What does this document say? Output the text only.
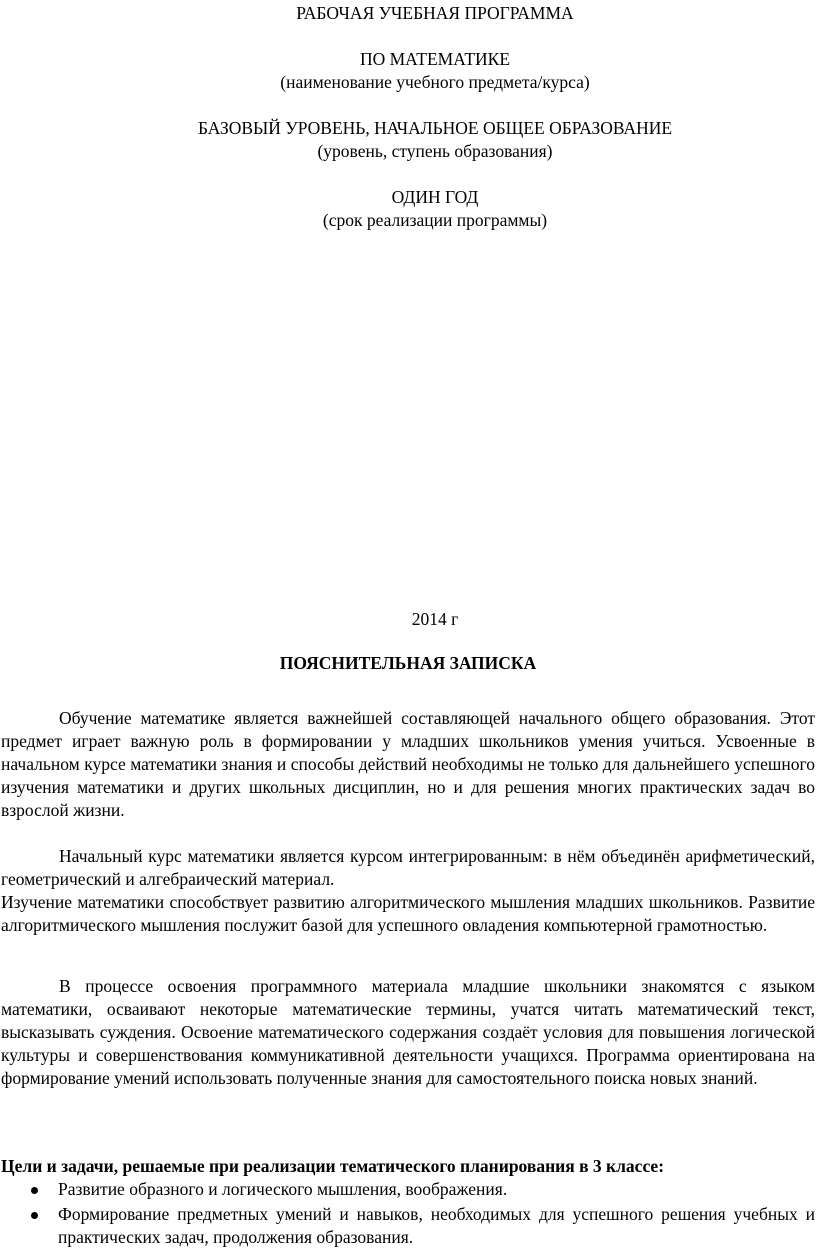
РАБОЧАЯ УЧЕБНАЯ ПРОГРАММА
ПО МАТЕМАТИКЕ
(наименование учебного предмета/курса)
БАЗОВЫЙ УРОВЕНЬ, НАЧАЛЬНОЕ ОБЩЕЕ ОБРАЗОВАНИЕ
(уровень, ступень образования)
ОДИН ГОД
(срок реализации программы)
2014 г
ПОЯСНИТЕЛЬНАЯ ЗАПИСКА

Обучение математике является важнейшей составляющей начального общего образования. Этот предмет играет важную роль в формировании у младших школьников умения учиться. Усвоенные в начальном курсе математики знания и способы действий необходимы не только для дальнейшего успешного изучения математики и других школьных дисциплин, но и для решения многих практических задач во взрослой жизни.

Начальный курс математики является курсом интегрированным: в нём объединён арифметический, геометрический и алгебраический материал.

Изучение математики способствует развитию алгоритмического мышления младших школьников. Развитие алгоритмического мышления послужит базой для успешного овладения компьютерной грамотностью.

В процессе освоения программного материала младшие школьники знакомятся с языком математики, осваивают некоторые математические термины, учатся читать математический текст, высказывать суждения. Освоение математического содержания создаёт условия для повышения логической культуры и совершенствования коммуникативной деятельности учащихся. Программа ориентирована на формирование умений использовать полученные знания для самостоятельного поиска новых знаний.

Цели и задачи, решаемые при реализации тематического планирования в 3 классе:
Развитие образного и логического мышления, воображения.
Формирование предметных умений и навыков, необходимых для успешного решения учебных и практических задач, продолжения образования.
